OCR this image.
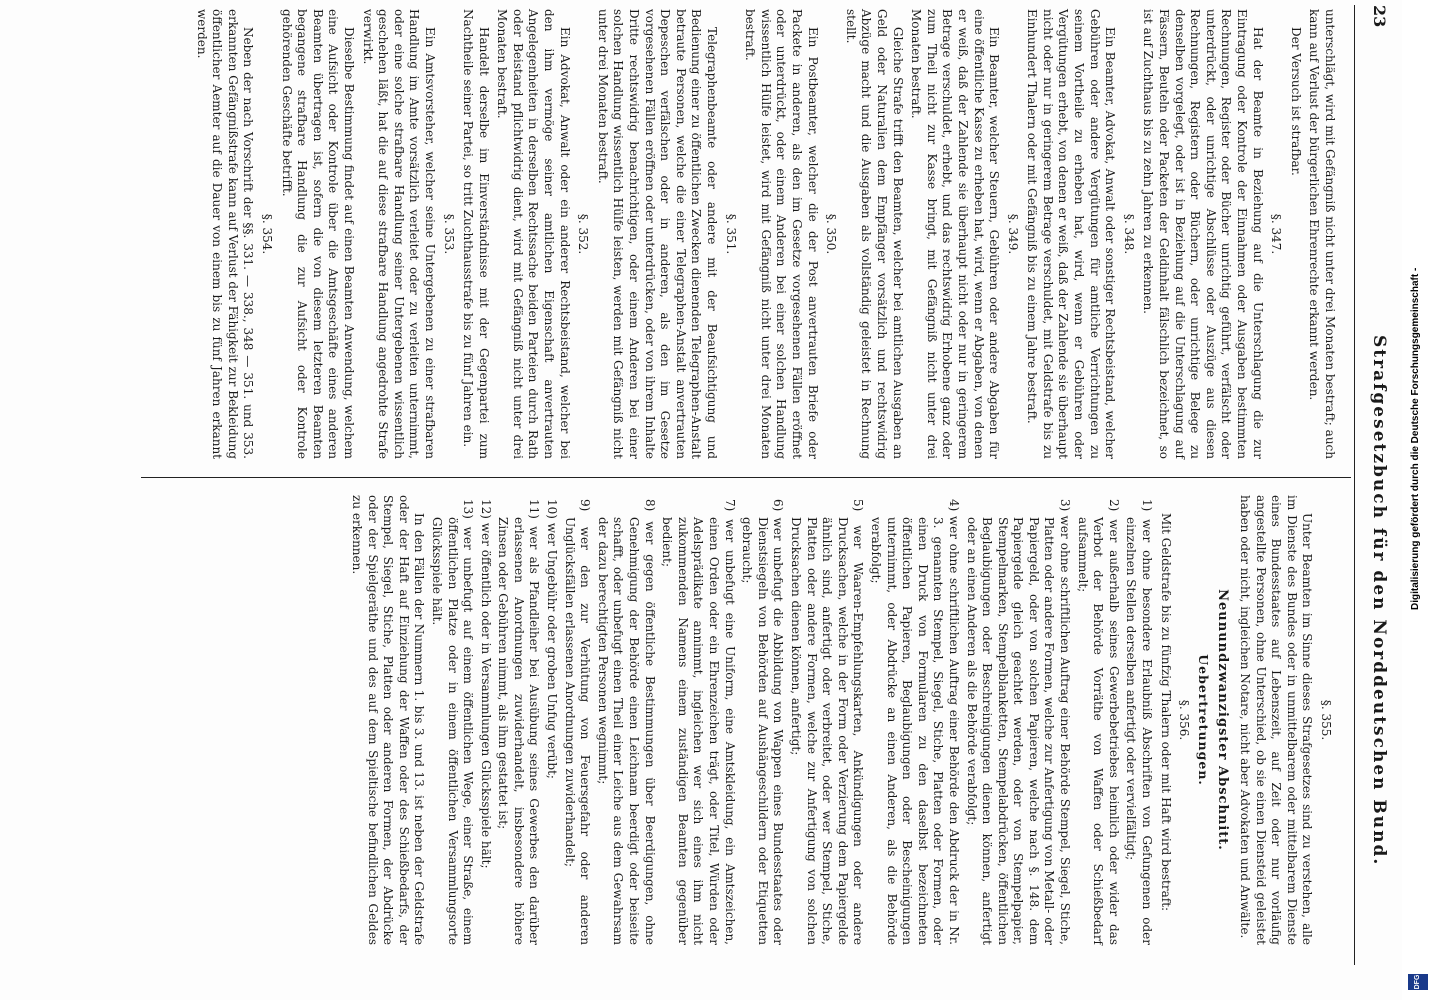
23
Strafgesetzbuch für den Norddeutschen Bund.
§. 355.

Unter Beamten im Sinne dieses Strafgesetzes sind zu verstehen, alle im Dienste des Bundes oder in unmittelbarem oder mittelbarem Dienste eines Bundesstaates auf Lebenszeit, auf Zeit oder nur vorläufig angestellte Personen, ohne Unterschied, ob sie einen Diensteid geleistet haben oder nicht, ingleichen Notare, nicht aber Advokaten und Anwälte.

Neunundzwanzigster Abschnitt.
Uebertretungen.
§. 356.

Mit Geldstrafe bis zu fünfzig Thalern oder mit Haft wird bestraft:

1) wer ohne besondere Erlaubniß Abschriften von Gefungenen oder einzelnen Stellen derselben anfertigt oder vervielfältigt;
2) wer außerhalb seines Gewerbebetriebes heimlich oder wider das Verbot der Behörde Vorräthe von Waffen oder Schießbedarf aufsammelt;
3) wer ohne schriftlichen Auftrag einer Behörde Stempel, Siegel, Stiche, Platten oder andere Formen, welche zur Anfertigung von Metall- oder Papiergeld, oder von solchen Papieren, welche nach §. 148. dem Papiergelde gleich geachtet werden, oder von Stempelpapier, Stempelmarken, Stempelblanketten, Stempelabdrücken, öffentlichen Beglaubigungen oder Beschreinigungen dienen können, anfertigt oder an einen Anderen als die Behörde verabfolgt;
4) wer ohne schriftlichen Auftrag einer Behörde den Abdruck der in Nr. 3. genannten Stempel, Siegel, Stiche, Platten oder Formen, oder einen Druck von Formularen zu den daselbst bezeichneten öffentlichen Papieren, Beglaubigungen oder Bescheinigungen unternimmt, oder Abdrücke an einen Anderen, als die Behörde verabfolgt;
5) wer Waaren-Empfehlungskarten, Ankündigungen oder andere Drucksachen, welche in der Form oder Verzierung dem Papiergelde ähnlich sind, anfertigt oder verbreitet, oder wer Stempel, Stiche, Platten oder andere Formen, welche zur Anfertigung von solchen Drucksachen dienen können, anfertigt;
6) wer unbefugt die Abbildung von Wappen eines Bundesstaates oder Dienstsiegeln von Behörden auf Aushängeschildern oder Etiquetten gebraucht;
7) wer unbefugt eine Uniform, eine Amtskleidung, ein Amtszeichen, einen Orden oder ein Ehrenzeichen trägt, oder Titel, Würden oder Adelsprädikate annimmt, ingleichen wer sich eines ihm nicht zukommenden Namens einem zuständigen Beamten gegenüber bedient;
8) wer gegen öffentliche Bestimmungen über Beerdigungen, ohne Genehmigung der Behörde einen Leichnam beerdigt oder beiseite schafft, oder unbefugt einen Theil einer Leiche aus dem Gewahrsam der dazu berechtigten Personen wegnimmt;
9) wer den zur Verhütung von Feuersgefahr oder anderen Unglücksfällen erlassenen Anordnungen zuwiderhandelt;
10) wer Ungebühr oder groben Unfug verübt;
11) wer als Pfandleiher bei Ausübung seines Gewerbes den darüber erlassenen Anordnungen zuwiderhandelt, insbesondere höhere Zinsen oder Gebühren nimmt, als ihm gestattet ist;
12) wer öffentlich oder in Versammlungen Glücksspiele hält;
13) wer unbefugt auf einem öffentlichen Wege, einer Straße, einem öffentlichen Platze oder in einem öffentlichen Versammlungsorte Glücksspiele hält.

In den Fällen der Nummern 1. bis 3. und 13. ist neben der Geldstrafe oder der Haft auf Einziehung der Waffen oder des Schießbedarfs, der Stempel, Siegel, Stiche, Platten oder anderen Formen, der Abdrücke oder der Spielgeräthe und des auf dem Spieltische befindlichen Geldes zu erkennen.

unterschlägt, wird mit Gefängniß nicht unter drei Monaten bestraft; auch kann auf Verlust der bürgerlichen Ehrenrechte erkannt werden.

Der Versuch ist strafbar.

§. 347.

Hat der Beamte in Beziehung auf die Unterschlagung die zur Eintragung oder Kontrole der Einnahmen oder Ausgaben bestimmten Rechnungen, Register oder Bücher unrichtig geführt, verfälscht oder unterdrückt, oder unrichtige Abschlüsse oder Auszüge aus diesen Rechnungen, Registern oder Büchern, oder unrichtige Belege zu denselben vorgelegt, oder ist in Beziehung auf die Unterschlagung auf Fässern, Beuteln oder Packeten der Geldinhalt fälschlich bezeichnet, so ist auf Zuchthaus bis zu zehn Jahren zu erkennen.

§. 348.

Ein Beamter, Advokat, Anwalt oder sonstiger Rechtsbeistand, welcher Gebühren oder andere Vergütungen für amtliche Verrichtungen zu seinem Vortheile zu erheben hat, wird, wenn er Gebühren oder Vergütungen erhebt, von denen er weiß, daß der Zahlende sie überhaupt nicht oder nur in geringerem Betrage verschuldet, mit Geldstrafe bis zu Einhundert Thalern oder mit Gefängniß bis zu einem Jahre bestraft.

§. 349.

Ein Beamter, welcher Steuern, Gebühren oder andere Abgaben für eine öffentliche Kasse zu erheben hat, wird, wenn er Abgaben, von denen er weiß, daß der Zahlende sie überhaupt nicht oder nur in geringerem Betrage verschuldet, erhebt, und das rechtswidrig Erhobene ganz oder zum Theil nicht zur Kasse bringt, mit Gefängniß nicht unter drei Monaten bestraft.

Gleiche Strafe trifft den Beamten, welcher bei amtlichen Ausgaben an Geld oder Naturalien dem Empfänger vorsätzlich und rechtswidrig Abzüge macht und die Ausgaben als vollständig geleistet in Rechnung stellt.

§. 350.

Ein Postbeamter, welcher die der Post anvertrauten Briefe oder Packete in anderen, als den im Gesetze vorgesehenen Fällen eröffnet oder unterdrückt, oder einem Anderen bei einer solchen Handlung wissentlich Hülfe leistet, wird mit Gefängniß nicht unter drei Monaten bestraft.

§. 351.

Telegraphenbeamte oder andere mit der Beaufsichtigung und Bedienung einer zu öffentlichen Zwecken dienenden Telegraphen-Anstalt betraute Personen, welche die einer Telegraphen-Anstalt anvertrauten Depeschen verfälschen oder in anderen, als den im Gesetze vorgesehenen Fällen eröffnen oder unterdrücken, oder von ihrem Inhalte Dritte rechtswidrig benachrichtigen, oder einem Anderen bei einer solchen Handlung wissentlich Hülfe leisten, werden mit Gefängniß nicht unter drei Monaten bestraft.

§. 352.

Ein Advokat, Anwalt oder ein anderer Rechtsbeistand, welcher bei den ihm vermöge seiner amtlichen Eigenschaft anvertrauten Angelegenheiten in derselben Rechtssache beiden Parteien durch Rath oder Beistand pflichtwidrig dient, wird mit Gefängniß nicht unter drei Monaten bestraft.

Handelt derselbe im Einverständnisse mit der Gegenpartei zum Nachtheile seiner Partei, so tritt Zuchthausstrafe bis zu fünf Jahren ein.

§. 353.

Ein Amtsvorsteher, welcher seine Untergebenen zu einer strafbaren Handlung im Amte vorsätzlich verleitet oder zu verleiten unternimmt, oder eine solche strafbare Handlung seiner Untergebenen wissentlich geschehen läßt, hat die auf diese strafbare Handlung angedrohte Strafe verwirkt.

Dieselbe Bestimmung findet auf einen Beamten Anwendung, welchem eine Aufsicht oder Kontrole über die Amtsgeschäfte eines anderen Beamten übertragen ist, sofern die von diesem letzteren Beamten begangene strafbare Handlung die zur Aufsicht oder Kontrole gehörenden Geschäfte betrifft.

§. 354.

Neben der nach Vorschrift der §§. 331. — 338., 348 — 351. und 353. erkannten Gefängnißstrafe kann auf Verlust der Fähigkeit zur Bekleidung öffentlicher Aemter auf die Dauer von einem bis zu fünf Jahren erkannt werden.

Digitalisierung gefördert durch die Deutsche Forschungsgemeinschaft -
DFG
